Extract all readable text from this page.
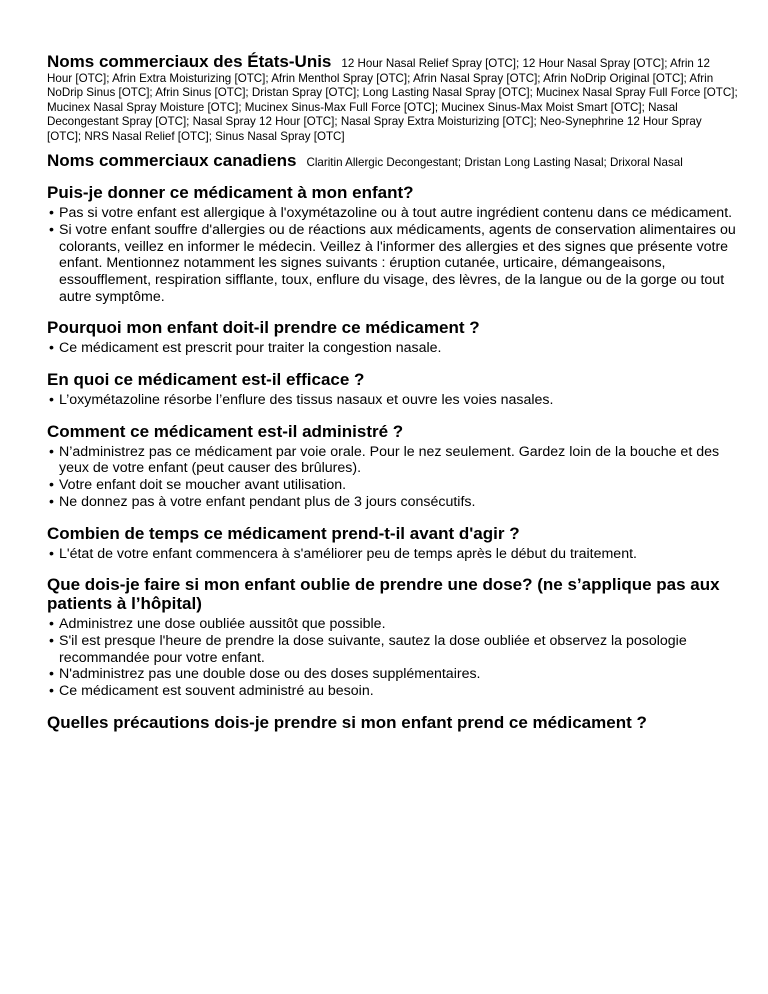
Noms commerciaux des États-Unis 12 Hour Nasal Relief Spray [OTC]; 12 Hour Nasal Spray [OTC]; Afrin 12 Hour [OTC]; Afrin Extra Moisturizing [OTC]; Afrin Menthol Spray [OTC]; Afrin Nasal Spray [OTC]; Afrin NoDrip Original [OTC]; Afrin NoDrip Sinus [OTC]; Afrin Sinus [OTC]; Dristan Spray [OTC]; Long Lasting Nasal Spray [OTC]; Mucinex Nasal Spray Full Force [OTC]; Mucinex Nasal Spray Moisture [OTC]; Mucinex Sinus-Max Full Force [OTC]; Mucinex Sinus-Max Moist Smart [OTC]; Nasal Decongestant Spray [OTC]; Nasal Spray 12 Hour [OTC]; Nasal Spray Extra Moisturizing [OTC]; Neo-Synephrine 12 Hour Spray [OTC]; NRS Nasal Relief [OTC]; Sinus Nasal Spray [OTC]

Noms commerciaux canadiens Claritin Allergic Decongestant; Dristan Long Lasting Nasal; Drixoral Nasal

Puis-je donner ce médicament à mon enfant?
• Pas si votre enfant est allergique à l'oxymétazoline ou à tout autre ingrédient contenu dans ce médicament.
• Si votre enfant souffre d'allergies ou de réactions aux médicaments, agents de conservation alimentaires ou colorants, veillez en informer le médecin. Veillez à l'informer des allergies et des signes que présente votre enfant. Mentionnez notamment les signes suivants : éruption cutanée, urticaire, démangeaisons, essoufflement, respiration sifflante, toux, enflure du visage, des lèvres, de la langue ou de la gorge ou tout autre symptôme.
Pourquoi mon enfant doit-il prendre ce médicament ?
• Ce médicament est prescrit pour traiter la congestion nasale.
En quoi ce médicament est-il efficace ?
• L’oxymétazoline résorbe l’enflure des tissus nasaux et ouvre les voies nasales.
Comment ce médicament est-il administré ?
• N’administrez pas ce médicament par voie orale. Pour le nez seulement. Gardez loin de la bouche et des yeux de votre enfant (peut causer des brûlures).
• Votre enfant doit se moucher avant utilisation.
• Ne donnez pas à votre enfant pendant plus de 3 jours consécutifs.
Combien de temps ce médicament prend-t-il avant d'agir ?
• L'état de votre enfant commencera à s'améliorer peu de temps après le début du traitement.
Que dois-je faire si mon enfant oublie de prendre une dose? (ne s’applique pas aux patients à l’hôpital)
• Administrez une dose oubliée aussitôt que possible.
• S'il est presque l'heure de prendre la dose suivante, sautez la dose oubliée et observez la posologie recommandée pour votre enfant.
• N'administrez pas une double dose ou des doses supplémentaires.
• Ce médicament est souvent administré au besoin.
Quelles précautions dois-je prendre si mon enfant prend ce médicament ?
